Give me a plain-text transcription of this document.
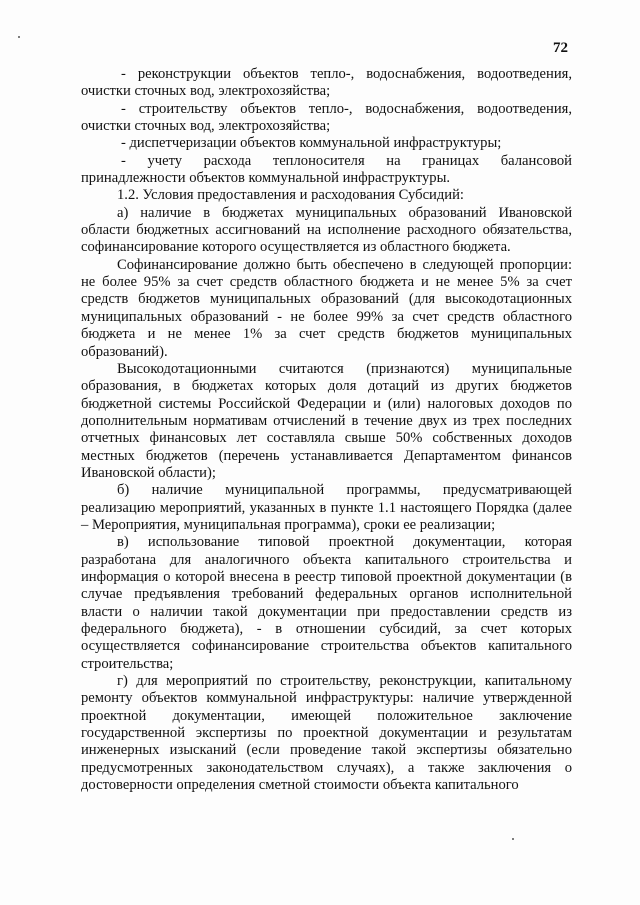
72

- реконструкции объектов тепло-, водоснабжения, водоотведения, очистки сточных вод, электрохозяйства;

- строительству объектов тепло-, водоснабжения, водоотведения, очистки сточных вод, электрохозяйства;

- диспетчеризации объектов коммунальной инфраструктуры;

- учету расхода теплоносителя на границах балансовой принадлежности объектов коммунальной инфраструктуры.

1.2. Условия предоставления и расходования Субсидий:

а) наличие в бюджетах муниципальных образований Ивановской области бюджетных ассигнований на исполнение расходного обязательства, софинансирование которого осуществляется из областного бюджета.

Софинансирование должно быть обеспечено в следующей пропорции: не более 95% за счет средств областного бюджета и не менее 5% за счет средств бюджетов муниципальных образований (для высокодотационных муниципальных образований - не более 99% за счет средств областного бюджета и не менее 1% за счет средств бюджетов муниципальных образований).

Высокодотационными считаются (признаются) муниципальные образования, в бюджетах которых доля дотаций из других бюджетов бюджетной системы Российской Федерации и (или) налоговых доходов по дополнительным нормативам отчислений в течение двух из трех последних отчетных финансовых лет составляла свыше 50% собственных доходов местных бюджетов (перечень устанавливается Департаментом финансов Ивановской области);

б) наличие муниципальной программы, предусматривающей реализацию мероприятий, указанных в пункте 1.1 настоящего Порядка (далее – Мероприятия, муниципальная программа), сроки ее реализации;

в) использование типовой проектной документации, которая разработана для аналогичного объекта капитального строительства и информация о которой внесена в реестр типовой проектной документации (в случае предъявления требований федеральных органов исполнительной власти о наличии такой документации при предоставлении средств из федерального бюджета), - в отношении субсидий, за счет которых осуществляется софинансирование строительства объектов капитального строительства;

г) для мероприятий по строительству, реконструкции, капитальному ремонту объектов коммунальной инфраструктуры: наличие утвержденной проектной документации, имеющей положительное заключение государственной экспертизы по проектной документации и результатам инженерных изысканий (если проведение такой экспертизы обязательно предусмотренных законодательством случаях), а также заключения о достоверности определения сметной стоимости объекта капитального
